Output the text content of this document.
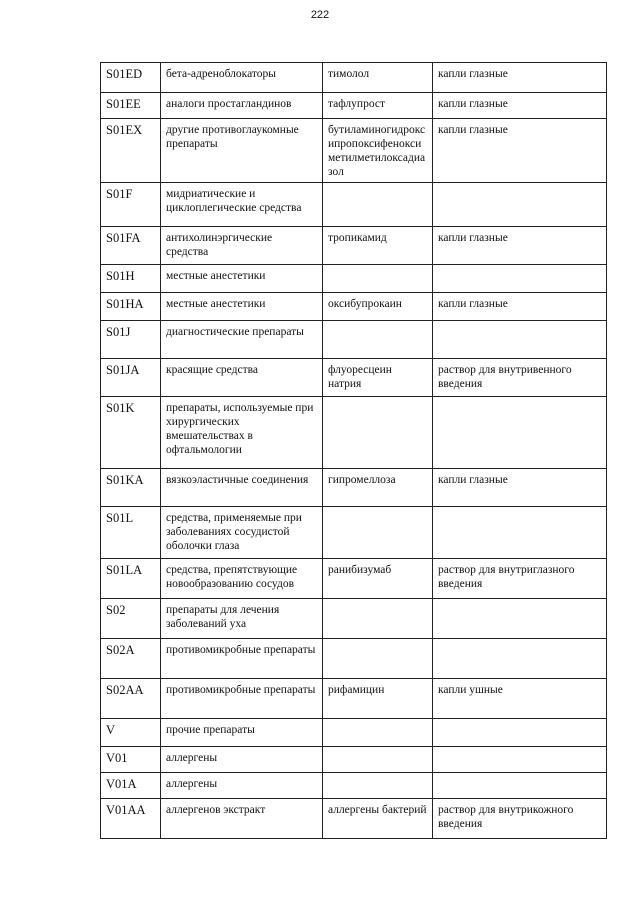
222
S01ED	бета-адреноблокаторы	тимолол	капли глазные
S01EE	аналоги простагландинов	тафлупрост	капли глазные
S01EX	другие противоглаукомные препараты	бутиламиногидроксипропоксифеноксиметилметилоксадиазол	капли глазные
S01F	мидриатические и циклоплегические средства		
S01FA	антихолинэргические средства	тропикамид	капли глазные
S01H	местные анестетики		
S01HA	местные анестетики	оксибупрокаин	капли глазные
S01J	диагностические препараты		
S01JA	красящие средства	флуоресцеин натрия	раствор для внутривенного введения
S01K	препараты, используемые при хирургических вмешательствах в офтальмологии		
S01KA	вязкоэластичные соединения	гипромеллоза	капли глазные
S01L	средства, применяемые при заболеваниях сосудистой оболочки глаза		
S01LA	средства, препятствующие новообразованию сосудов	ранибизумаб	раствор для внутриглазного введения
S02	препараты для лечения заболеваний уха		
S02A	противомикробные препараты		
S02AA	противомикробные препараты	рифамицин	капли ушные
V	прочие препараты		
V01	аллергены		
V01A	аллергены		
V01AA	аллергенов экстракт	аллергены бактерий	раствор для внутрикожного введения
